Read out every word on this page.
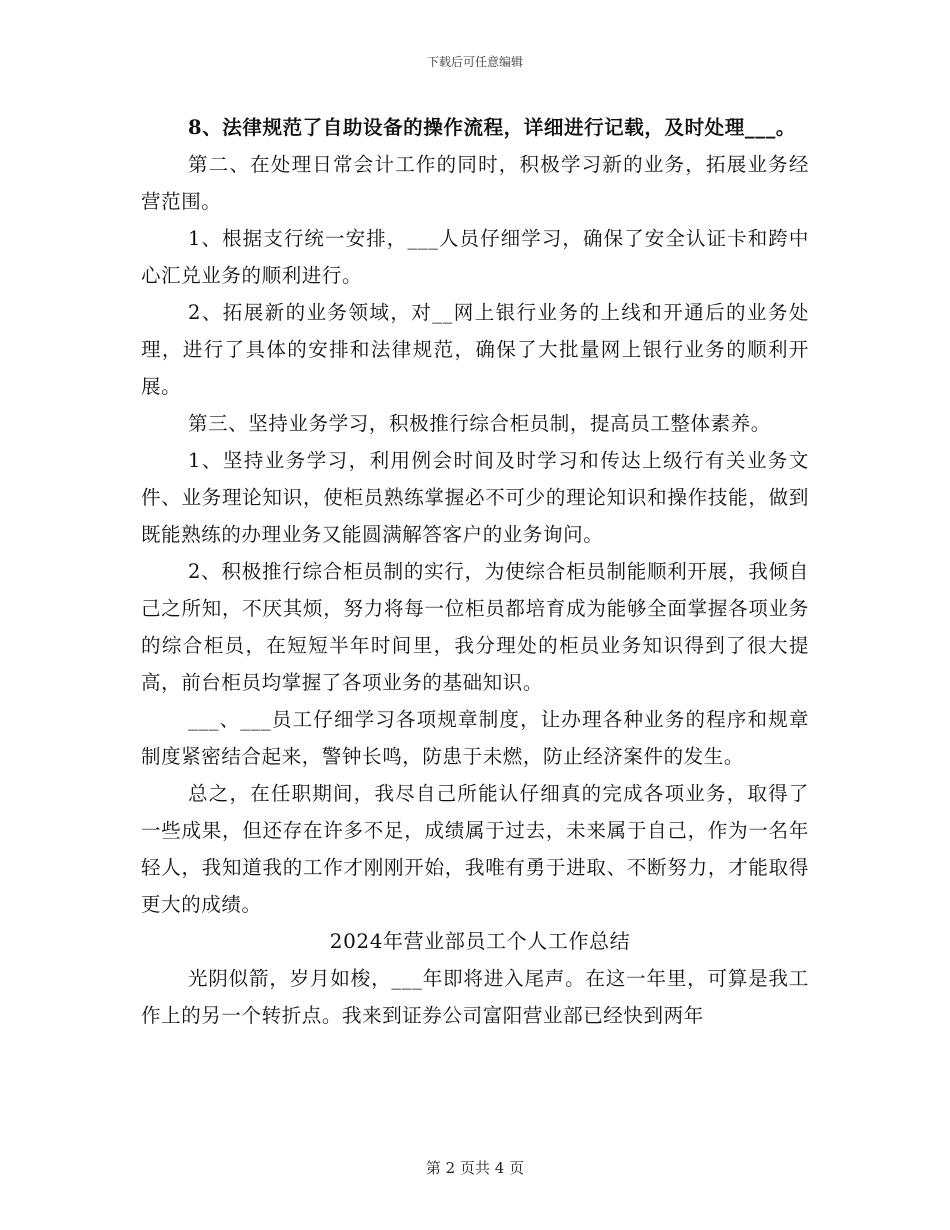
下载后可任意编辑

8、法律规范了自助设备的操作流程，详细进行记载，及时处理___。

第二、在处理日常会计工作的同时，积极学习新的业务，拓展业务经营范围。

1、根据支行统一安排，___人员仔细学习，确保了安全认证卡和跨中心汇兑业务的顺利进行。

2、拓展新的业务领域，对__网上银行业务的上线和开通后的业务处理，进行了具体的安排和法律规范，确保了大批量网上银行业务的顺利开展。

第三、坚持业务学习，积极推行综合柜员制，提高员工整体素养。

1、坚持业务学习，利用例会时间及时学习和传达上级行有关业务文件、业务理论知识，使柜员熟练掌握必不可少的理论知识和操作技能，做到既能熟练的办理业务又能圆满解答客户的业务询问。

2、积极推行综合柜员制的实行，为使综合柜员制能顺利开展，我倾自己之所知，不厌其烦，努力将每一位柜员都培育成为能够全面掌握各项业务的综合柜员，在短短半年时间里，我分理处的柜员业务知识得到了很大提高，前台柜员均掌握了各项业务的基础知识。

___、___员工仔细学习各项规章制度，让办理各种业务的程序和规章制度紧密结合起来，警钟长鸣，防患于未燃，防止经济案件的发生。

总之，在任职期间，我尽自己所能认仔细真的完成各项业务，取得了一些成果，但还存在许多不足，成绩属于过去，未来属于自己，作为一名年轻人，我知道我的工作才刚刚开始，我唯有勇于进取、不断努力，才能取得更大的成绩。

2024年营业部员工个人工作总结

光阴似箭，岁月如梭，___年即将进入尾声。在这一年里，可算是我工作上的另一个转折点。我来到证券公司富阳营业部已经快到两年

第 2 页共 4 页
